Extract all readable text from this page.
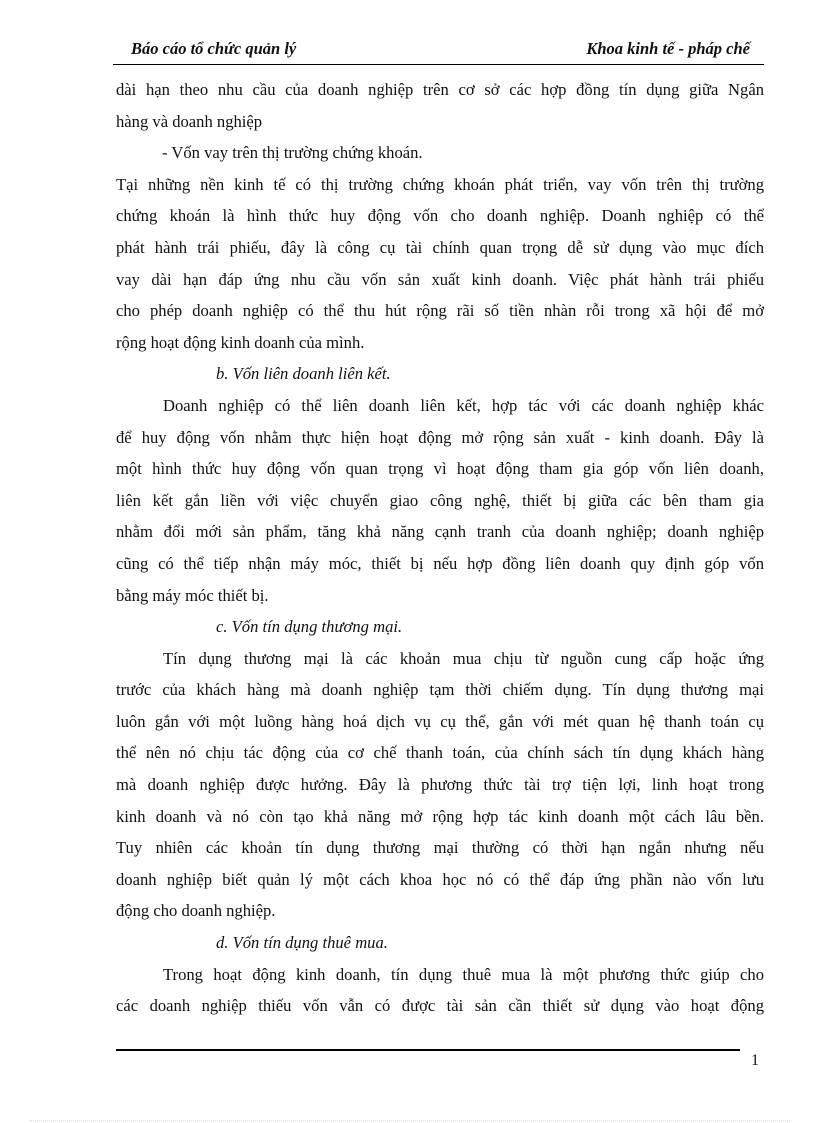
Báo cáo tổ chức quản lý	Khoa kinh tế - pháp chế
dài hạn theo nhu cầu của doanh nghiệp trên cơ sở các hợp đồng tín dụng giữa Ngân
hàng và doanh nghiệp
- Vốn vay trên thị trường chứng khoán.
Tại những nền kinh tế có thị trường chứng khoán phát triển, vay vốn trên thị trường
chứng khoán là hình thức huy động vốn cho doanh nghiệp. Doanh nghiệp có thể
phát hành trái phiếu, đây là công cụ tài chính quan trọng dễ sử dụng vào mục đích
vay dài hạn đáp ứng nhu cầu vốn sản xuất kinh doanh. Việc phát hành trái phiếu
cho phép doanh nghiệp có thể thu hút rộng rãi số tiền nhàn rỗi trong xã hội để mở
rộng hoạt động kinh doanh của mình.
b. Vốn liên doanh liên kết.
Doanh nghiệp có thể liên doanh liên kết, hợp tác với các doanh nghiệp khác
để huy động vốn nhằm thực hiện hoạt động mở rộng sản xuất - kinh doanh. Đây là
một hình thức huy động vốn quan trọng vì hoạt động tham gia góp vốn liên doanh,
liên kết gắn liền với việc chuyển giao công nghệ, thiết bị giữa các bên tham gia
nhằm đổi mới sản phẩm, tăng khả năng cạnh tranh của doanh nghiệp; doanh nghiệp
cũng có thể tiếp nhận máy móc, thiết bị nếu hợp đồng liên doanh quy định góp vốn
bằng máy móc thiết bị.
c. Vốn tín dụng thương mại.
Tín dụng thương mại là các khoản mua chịu từ nguồn cung cấp hoặc ứng
trước của khách hàng mà doanh nghiệp tạm thời chiếm dụng. Tín dụng thương mại
luôn gắn với một luồng hàng hoá dịch vụ cụ thể, gắn với mét quan hệ thanh toán cụ
thể nên nó chịu tác động của cơ chế thanh toán, của chính sách tín dụng khách hàng
mà doanh nghiệp được hưởng. Đây là phương thức tài trợ tiện lợi, linh hoạt trong
kinh doanh và nó còn tạo khả năng mở rộng hợp tác kinh doanh một cách lâu bền.
Tuy nhiên các khoản tín dụng thương mại thường có thời hạn ngắn nhưng nếu
doanh nghiệp biết quản lý một cách khoa học nó có thể đáp ứng phần nào vốn lưu
động cho doanh nghiệp.
d. Vốn tín dụng thuê mua.
Trong hoạt động kinh doanh, tín dụng thuê mua là một phương thức giúp cho
các doanh nghiệp thiếu vốn vẫn có được tài sản cần thiết sử dụng vào hoạt động
1
